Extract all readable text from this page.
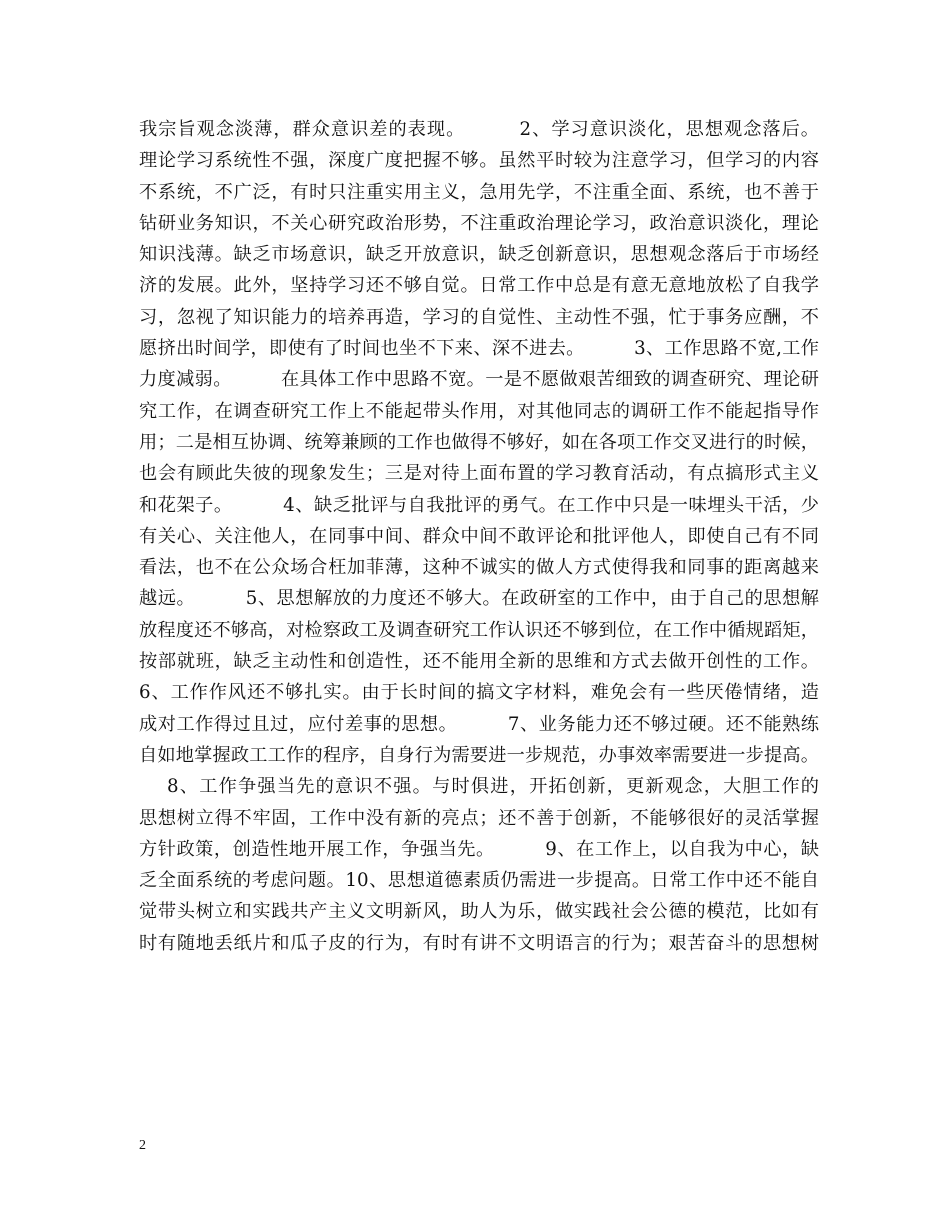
我宗旨观念淡薄，群众意识差的表现。        2、学习意识淡化，思想观念落后。
理论学习系统性不强，深度广度把握不够。虽然平时较为注意学习，但学习的内容
不系统，不广泛，有时只注重实用主义，急用先学，不注重全面、系统，也不善于
钻研业务知识，不关心研究政治形势，不注重政治理论学习，政治意识淡化，理论
知识浅薄。缺乏市场意识，缺乏开放意识，缺乏创新意识，思想观念落后于市场经
济的发展。此外，坚持学习还不够自觉。日常工作中总是有意无意地放松了自我学
习，忽视了知识能力的培养再造，学习的自觉性、主动性不强，忙于事务应酬，不
愿挤出时间学，即使有了时间也坐不下来、深不进去。        3、工作思路不宽,工作
力度减弱。        在具体工作中思路不宽。一是不愿做艰苦细致的调查研究、理论研
究工作，在调查研究工作上不能起带头作用，对其他同志的调研工作不能起指导作
用；二是相互协调、统筹兼顾的工作也做得不够好，如在各项工作交叉进行的时候，
也会有顾此失彼的现象发生；三是对待上面布置的学习教育活动，有点搞形式主义
和花架子。        4、缺乏批评与自我批评的勇气。在工作中只是一味埋头干活，少
有关心、关注他人，在同事中间、群众中间不敢评论和批评他人，即使自己有不同
看法，也不在公众场合枉加菲薄，这种不诚实的做人方式使得我和同事的距离越来
越远。        5、思想解放的力度还不够大。在政研室的工作中，由于自己的思想解
放程度还不够高，对检察政工及调查研究工作认识还不够到位，在工作中循规蹈矩，
按部就班，缺乏主动性和创造性，还不能用全新的思维和方式去做开创性的工作。
6、工作作风还不够扎实。由于长时间的搞文字材料，难免会有一些厌倦情绪，造
成对工作得过且过，应付差事的思想。        7、业务能力还不够过硬。还不能熟练
自如地掌握政工工作的程序，自身行为需要进一步规范，办事效率需要进一步提高。
8、工作争强当先的意识不强。与时俱进，开拓创新，更新观念，大胆工作的
思想树立得不牢固，工作中没有新的亮点；还不善于创新，不能够很好的灵活掌握
方针政策，创造性地开展工作，争强当先。        9、在工作上，以自我为中心，缺
乏全面系统的考虑问题。10、思想道德素质仍需进一步提高。日常工作中还不能自
觉带头树立和实践共产主义文明新风，助人为乐，做实践社会公德的模范，比如有
时有随地丢纸片和瓜子皮的行为，有时有讲不文明语言的行为；艰苦奋斗的思想树
2
